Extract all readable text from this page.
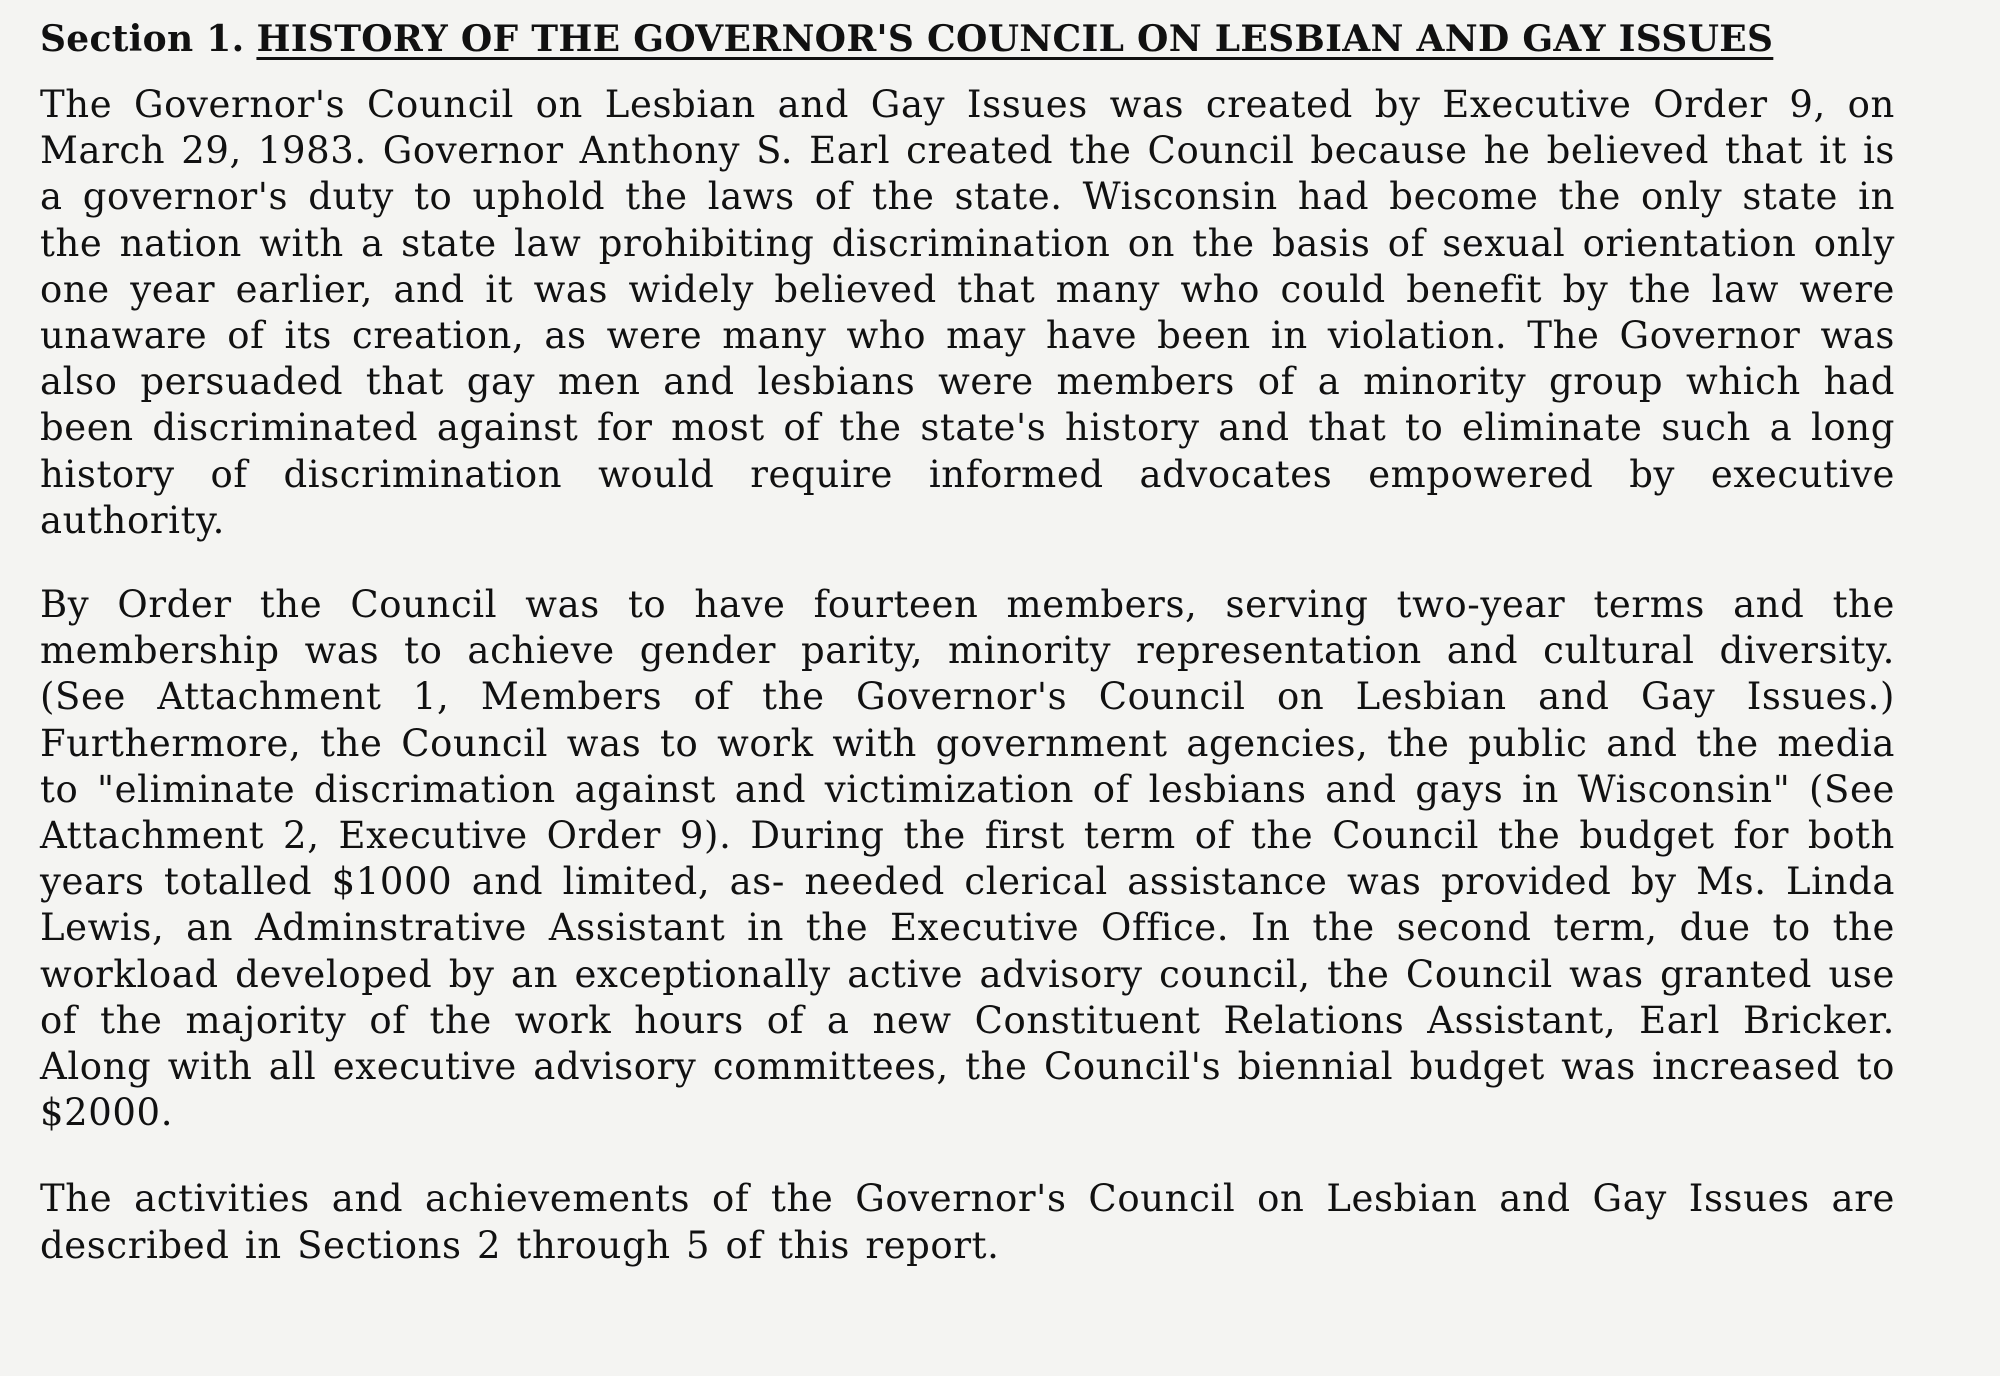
Section 1. HISTORY OF THE GOVERNOR'S COUNCIL ON LESBIAN AND GAY ISSUES

The Governor's Council on Lesbian and Gay Issues was created by Executive Order 9, on March 29, 1983. Governor Anthony S. Earl created the Council because he believed that it is a governor's duty to uphold the laws of the state. Wisconsin had become the only state in the nation with a state law prohibiting discrimination on the basis of sexual orientation only one year earlier, and it was widely believed that many who could benefit by the law were unaware of its creation, as were many who may have been in violation. The Governor was also persuaded that gay men and lesbians were members of a minority group which had been discriminated against for most of the state's history and that to eliminate such a long history of discrimination would require informed advocates empowered by executive authority.

By Order the Council was to have fourteen members, serving two-year terms and the membership was to achieve gender parity, minority representation and cultural diversity. (See Attachment 1, Members of the Governor's Council on Lesbian and Gay Issues.) Furthermore, the Council was to work with government agencies, the public and the media to "eliminate discrimation against and victimization of lesbians and gays in Wisconsin" (See Attachment 2, Executive Order 9). During the first term of the Council the budget for both years totalled $1000 and limited, as- needed clerical assistance was provided by Ms. Linda Lewis, an Adminstrative Assistant in the Executive Office. In the second term, due to the workload developed by an exceptionally active advisory council, the Council was granted use of the majority of the work hours of a new Constituent Relations Assistant, Earl Bricker. Along with all executive advisory committees, the Council's biennial budget was increased to $2000.

The activities and achievements of the Governor's Council on Lesbian and Gay Issues are described in Sections 2 through 5 of this report.
